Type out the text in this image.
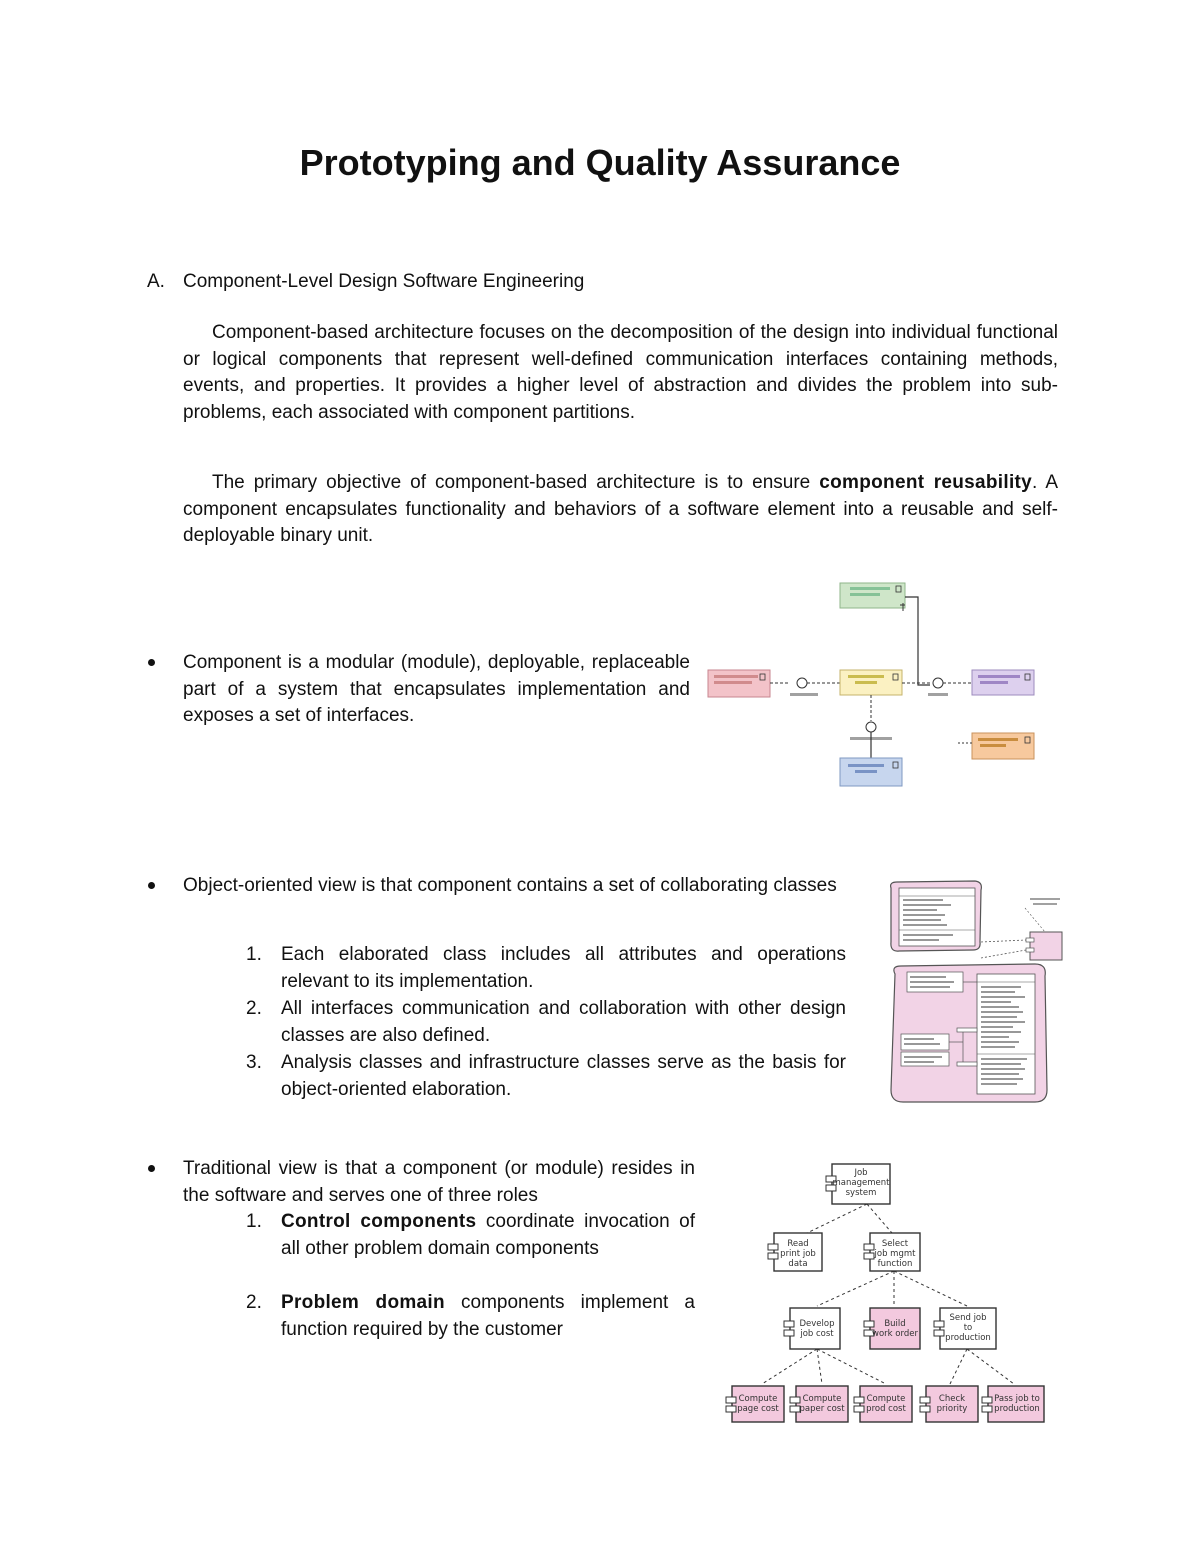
Prototyping and Quality Assurance
A. Component-Level Design Software Engineering
Component-based architecture focuses on the decomposition of the design into individual functional or logical components that represent well-defined communication interfaces containing methods, events, and properties. It provides a higher level of abstraction and divides the problem into sub-problems, each associated with component partitions.
The primary objective of component-based architecture is to ensure component reusability. A component encapsulates functionality and behaviors of a software element into a reusable and self-deployable binary unit.
Component is a modular (module), deployable, replaceable part of a system that encapsulates implementation and exposes a set of interfaces.
Object-oriented view is that component contains a set of collaborating classes
1. Each elaborated class includes all attributes and operations relevant to its implementation.
2. All interfaces communication and collaboration with other design classes are also defined.
3. Analysis classes and infrastructure classes serve as the basis for object-oriented elaboration.
Traditional view is that a component (or module) resides in the software and serves one of three roles
1. Control components coordinate invocation of all other problem domain components
2. Problem domain components implement a function required by the customer
Job management system
Read print job data
Select job mgmt function
Develop job cost
Build work order
Send job to production
Compute page cost
Compute paper cost
Compute prod cost
Check priority
Pass job to production
